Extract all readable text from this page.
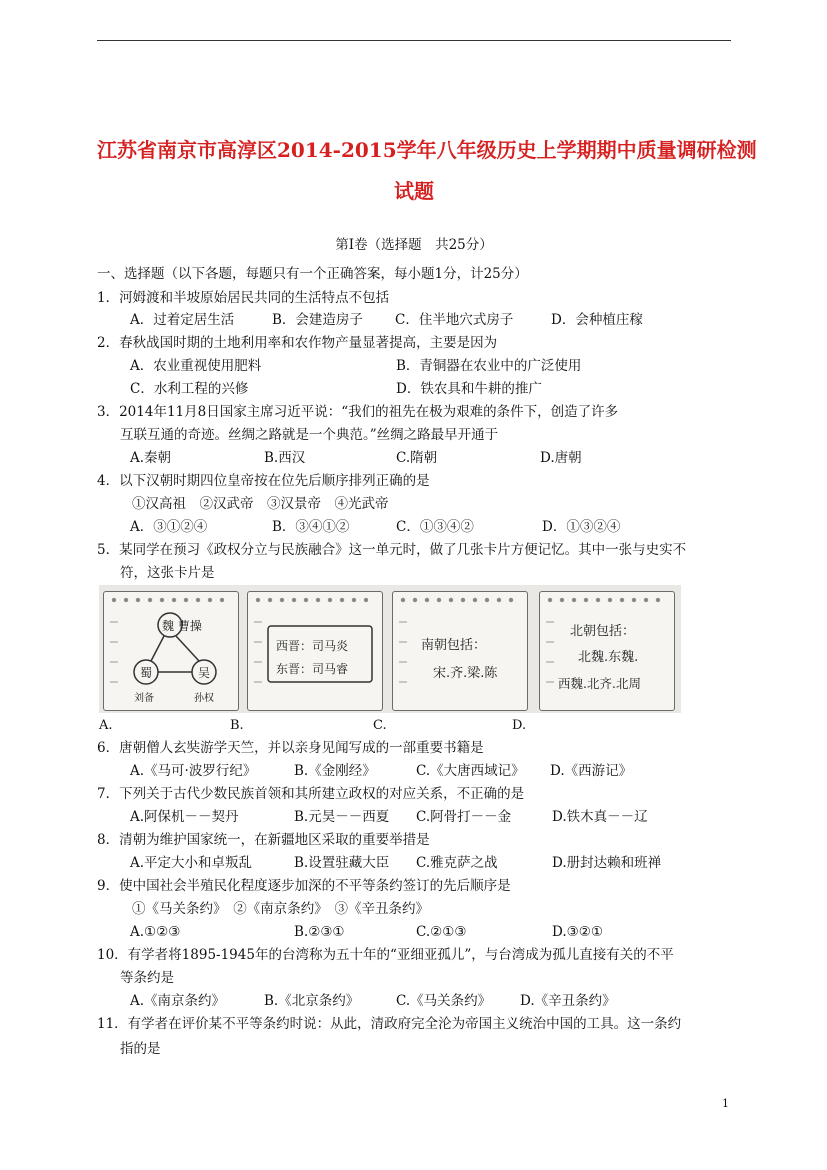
江苏省南京市高淳区2014-2015学年八年级历史上学期期中质量调研检测
试题
第Ⅰ卷（选择题　共25分）
一、选择题（以下各题，每题只有一个正确答案，每小题1分，计25分）
1．河姆渡和半坡原始居民共同的生活特点不包括
A．过着定居生活	B．会建造房子 C．住半地穴式房子	D．会种植庄稼
2．春秋战国时期的土地利用率和农作物产量显著提高，主要是因为
A．农业重视使用肥料	B．青铜器在农业中的广泛使用
C．水利工程的兴修	D．铁农具和牛耕的推广
3．2014年11月8日国家主席习近平说：“我们的祖先在极为艰难的条件下，创造了许多
互联互通的奇迹。丝绸之路就是一个典范。”丝绸之路最早开通于
A.秦朝	B.西汉	C.隋朝	D.唐朝
4．以下汉朝时期四位皇帝按在位先后顺序排列正确的是
①汉高祖　②汉武帝　③汉景帝　④光武帝
A．③①②④	B．③④①②	C．①③④②	D．①③②④
5．某同学在预习《政权分立与民族融合》这一单元时，做了几张卡片方便记忆。其中一张与史实不
符，这张卡片是
魏 曹操
蜀	吴
刘备	孙权
西晋：司马炎
东晋：司马睿
南朝包括：
宋.齐.梁.陈
北朝包括：
北魏.东魏.
西魏.北齐.北周
A.	B.	C.	D.
6．唐朝僧人玄奘游学天竺，并以亲身见闻写成的一部重要书籍是
A.《马可·波罗行纪》	B.《金刚经》	C.《大唐西域记》 D.《西游记》
7．下列关于古代少数民族首领和其所建立政权的对应关系，不正确的是
A.阿保机－－契丹	B.元昊－－西夏 C.阿骨打－－金	D.铁木真－－辽
8．清朝为维护国家统一，在新疆地区采取的重要举措是
A.平定大小和卓叛乱	B.设置驻藏大臣 C.雅克萨之战	D.册封达赖和班禅
9．使中国社会半殖民化程度逐步加深的不平等条约签订的先后顺序是
①《马关条约》　②《南京条约》　③《辛丑条约》
A.①②③	B.②③①	C.②①③	D.③②①
10．有学者将1895-1945年的台湾称为五十年的“亚细亚孤儿”，与台湾成为孤儿直接有关的不平
等条约是
A.《南京条约》	B.《北京条约》	C.《马关条约》 D.《辛丑条约》
11．有学者在评价某不平等条约时说：从此，清政府完全沦为帝国主义统治中国的工具。这一条约
指的是
1
